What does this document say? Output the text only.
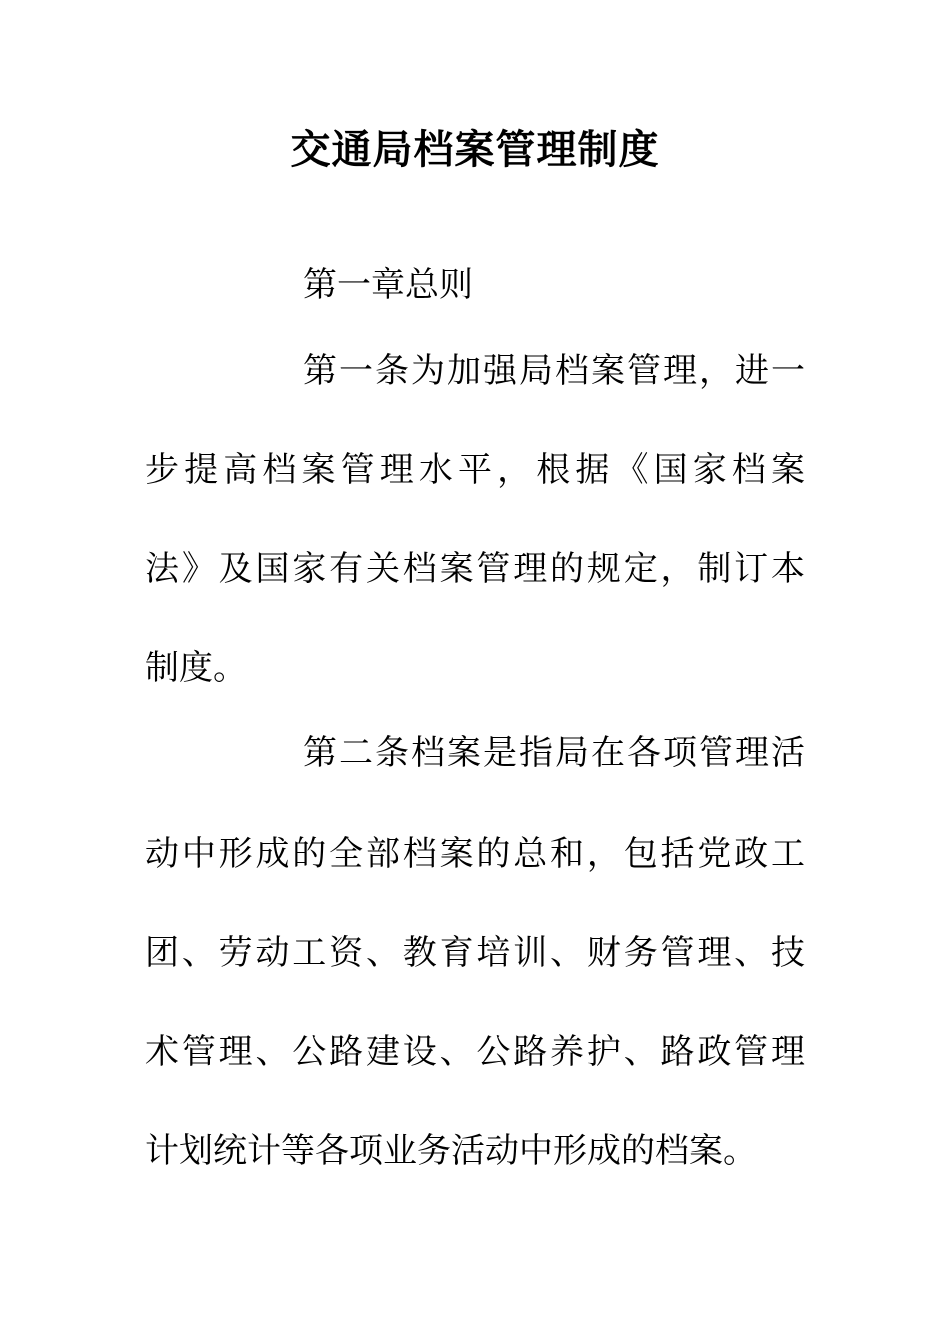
交通局档案管理制度

第一章总则

第一条为加强局档案管理，进一

步提高档案管理水平，根据《国家档案

法》及国家有关档案管理的规定，制订本

制度。

第二条档案是指局在各项管理活

动中形成的全部档案的总和，包括党政工

团、劳动工资、教育培训、财务管理、技

术管理、公路建设、公路养护、路政管理

计划统计等各项业务活动中形成的档案。
